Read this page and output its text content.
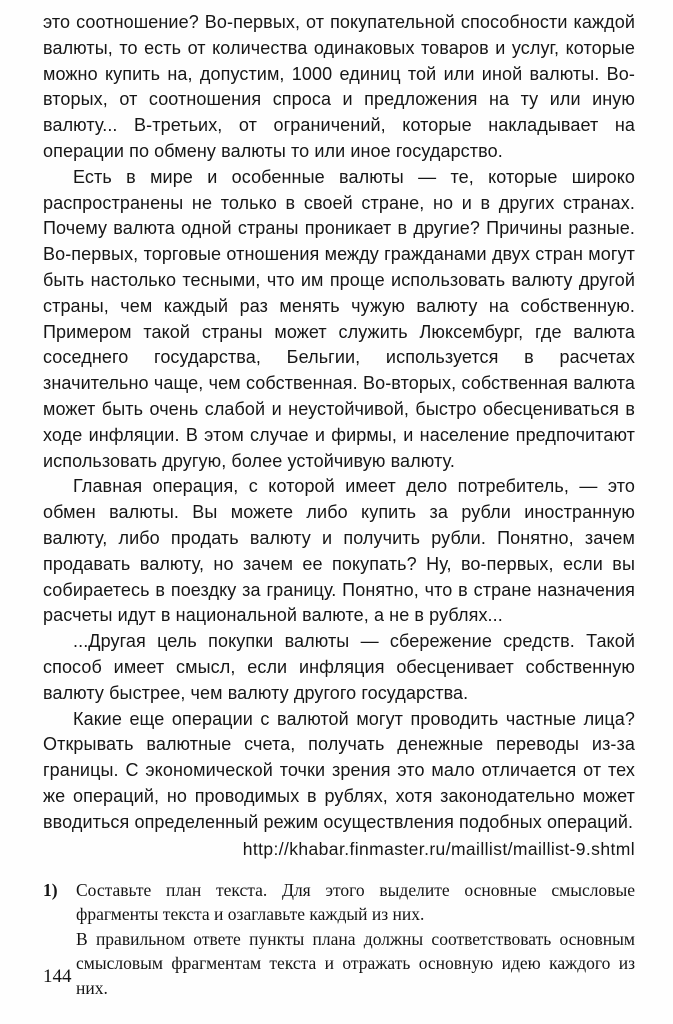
это соотношение? Во-первых, от покупательной способности каждой валюты, то есть от количества одинаковых товаров и услуг, которые можно купить на, допустим, 1000 единиц той или иной валюты. Во-вторых, от соотношения спроса и предложения на ту или иную валюту... В-третьих, от ограничений, которые накладывает на операции по обмену валюты то или иное государство.

Есть в мире и особенные валюты — те, которые широко распространены не только в своей стране, но и в других странах. Почему валюта одной страны проникает в другие? Причины разные. Во-первых, торговые отношения между гражданами двух стран могут быть настолько тесными, что им проще использовать валюту другой страны, чем каждый раз менять чужую валюту на собственную. Примером такой страны может служить Люксембург, где валюта соседнего государства, Бельгии, используется в расчетах значительно чаще, чем собственная. Во-вторых, собственная валюта может быть очень слабой и неустойчивой, быстро обесцениваться в ходе инфляции. В этом случае и фирмы, и население предпочитают использовать другую, более устойчивую валюту.

Главная операция, с которой имеет дело потребитель, — это обмен валюты. Вы можете либо купить за рубли иностранную валюту, либо продать валюту и получить рубли. Понятно, зачем продавать валюту, но зачем ее покупать? Ну, во-первых, если вы собираетесь в поездку за границу. Понятно, что в стране назначения расчеты идут в национальной валюте, а не в рублях...

...Другая цель покупки валюты — сбережение средств. Такой способ имеет смысл, если инфляция обесценивает собственную валюту быстрее, чем валюту другого государства.

Какие еще операции с валютой могут проводить частные лица? Открывать валютные счета, получать денежные переводы из-за границы. С экономической точки зрения это мало отличается от тех же операций, но проводимых в рублях, хотя законодательно может вводиться определенный режим осуществления подобных операций.

http://khabar.finmaster.ru/maillist/maillist-9.shtml

1)	Составьте план текста. Для этого выделите основные смысловые фрагменты текста и озаглавьте каждый из них.

В правильном ответе пункты плана должны соответствовать основным смысловым фрагментам текста и отражать основную идею каждого из них.

144
